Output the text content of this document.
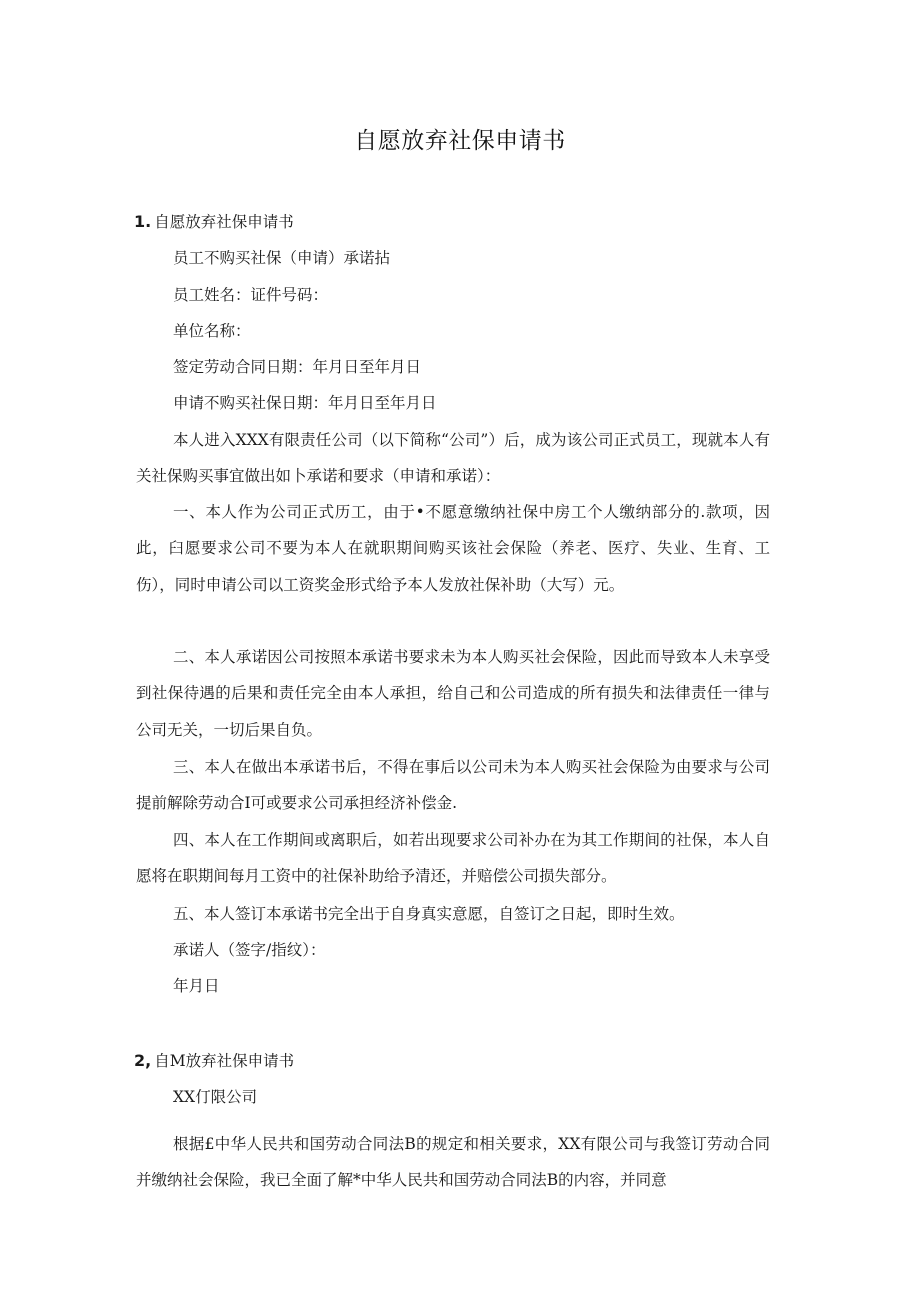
自愿放弃社保申请书
1. 自愿放弃社保申请书
员工不购买社保（申请）承诺拈
员工姓名：证件号码：
单位名称：
签定劳动合同日期：年月日至年月日
申请不购买社保日期：年月日至年月日
本人进入XXX有限责任公司（以下简称“公司”）后，成为该公司正式员工，现就本人有关社保购买事宜做出如卜承诺和要求（申请和承诺）：
一、本人作为公司正式历工，由于•不愿意缴纳社保中房工个人缴纳部分的.款项，因此，臼愿要求公司不要为本人在就职期间购买该社会保险（养老、医疗、失业、生育、工伤），同时申请公司以工资奖金形式给予本人发放社保补助（大写）元。
二、本人承诺因公司按照本承诺书要求未为本人购买社会保险，因此而导致本人未享受到社保待遇的后果和责任完全由本人承担，给自己和公司造成的所有损失和法律责任一律与公司无关，一切后果自负。
三、本人在做出本承诺书后，不得在事后以公司未为本人购买社会保险为由要求与公司提前解除劳动合I可或要求公司承担经济补偿金.
四、本人在工作期间或离职后，如若出现要求公司补办在为其工作期间的社保，本人自愿将在职期间每月工资中的社保补助给予清还，并赔偿公司损失部分。
五、本人签订本承诺书完全出于自身真实意愿，自签订之日起，即时生效。
承诺人（签字/指纹）：
年月日
2, 自M放弃社保申请书
XX仃限公司
根据£中华人民共和国劳动合同法B的规定和相关要求，XX有限公司与我签订劳动合同并缴纳社会保险，我已全面了解*中华人民共和国劳动合同法B的内容，并同意
